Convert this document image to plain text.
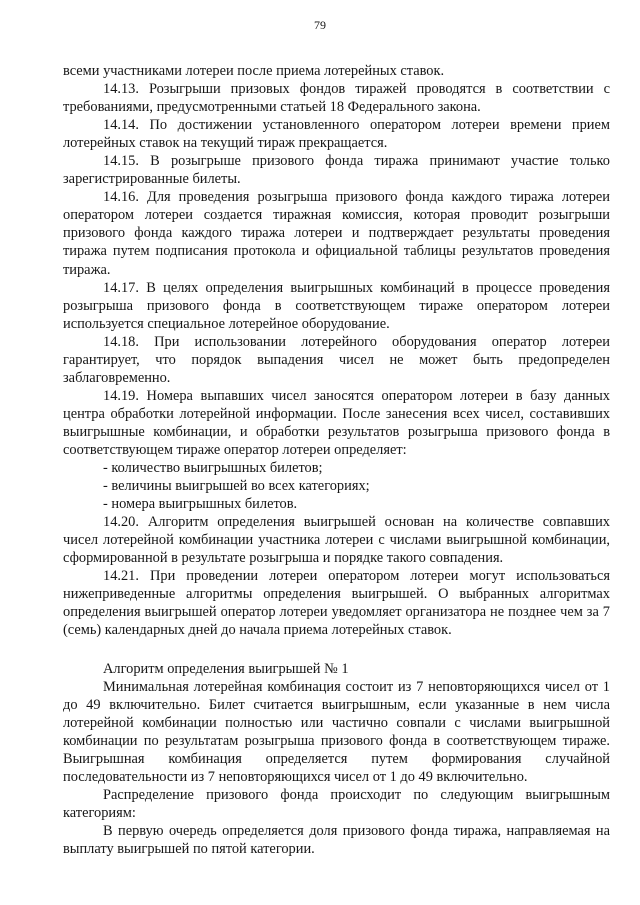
79

всеми участниками лотереи после приема лотерейных ставок.

14.13. Розыгрыши призовых фондов тиражей проводятся в соответствии с требованиями, предусмотренными статьей 18 Федерального закона.

14.14. По достижении установленного оператором лотереи времени прием лотерейных ставок на текущий тираж прекращается.

14.15. В розыгрыше призового фонда тиража принимают участие только зарегистрированные билеты.

14.16. Для проведения розыгрыша призового фонда каждого тиража лотереи оператором лотереи создается тиражная комиссия, которая проводит розыгрыши призового фонда каждого тиража лотереи и подтверждает результаты проведения тиража путем подписания протокола и официальной таблицы результатов проведения тиража.

14.17. В целях определения выигрышных комбинаций в процессе проведения розыгрыша призового фонда в соответствующем тираже оператором лотереи используется специальное лотерейное оборудование.

14.18. При использовании лотерейного оборудования оператор лотереи гарантирует, что порядок выпадения чисел не может быть предопределен заблаговременно.

14.19. Номера выпавших чисел заносятся оператором лотереи в базу данных центра обработки лотерейной информации. После занесения всех чисел, составивших выигрышные комбинации, и обработки результатов розыгрыша призового фонда в соответствующем тираже оператор лотереи определяет:

- количество выигрышных билетов;

- величины выигрышей во всех категориях;

- номера выигрышных билетов.

14.20. Алгоритм определения выигрышей основан на количестве совпавших чисел лотерейной комбинации участника лотереи с числами выигрышной комбинации, сформированной в результате розыгрыша и порядке такого совпадения.

14.21. При проведении лотереи оператором лотереи могут использоваться нижеприведенные алгоритмы определения выигрышей. О выбранных алгоритмах определения выигрышей оператор лотереи уведомляет организатора не позднее чем за 7 (семь) календарных дней до начала приема лотерейных ставок.

Алгоритм определения выигрышей № 1

Минимальная лотерейная комбинация состоит из 7 неповторяющихся чисел от 1 до 49 включительно. Билет считается выигрышным, если указанные в нем числа лотерейной комбинации полностью или частично совпали с числами выигрышной комбинации по результатам розыгрыша призового фонда в соответствующем тираже. Выигрышная комбинация определяется путем формирования случайной последовательности из 7 неповторяющихся чисел от 1 до 49 включительно.

Распределение призового фонда происходит по следующим выигрышным категориям:

В первую очередь определяется доля призового фонда тиража, направляемая на выплату выигрышей по пятой категории.
